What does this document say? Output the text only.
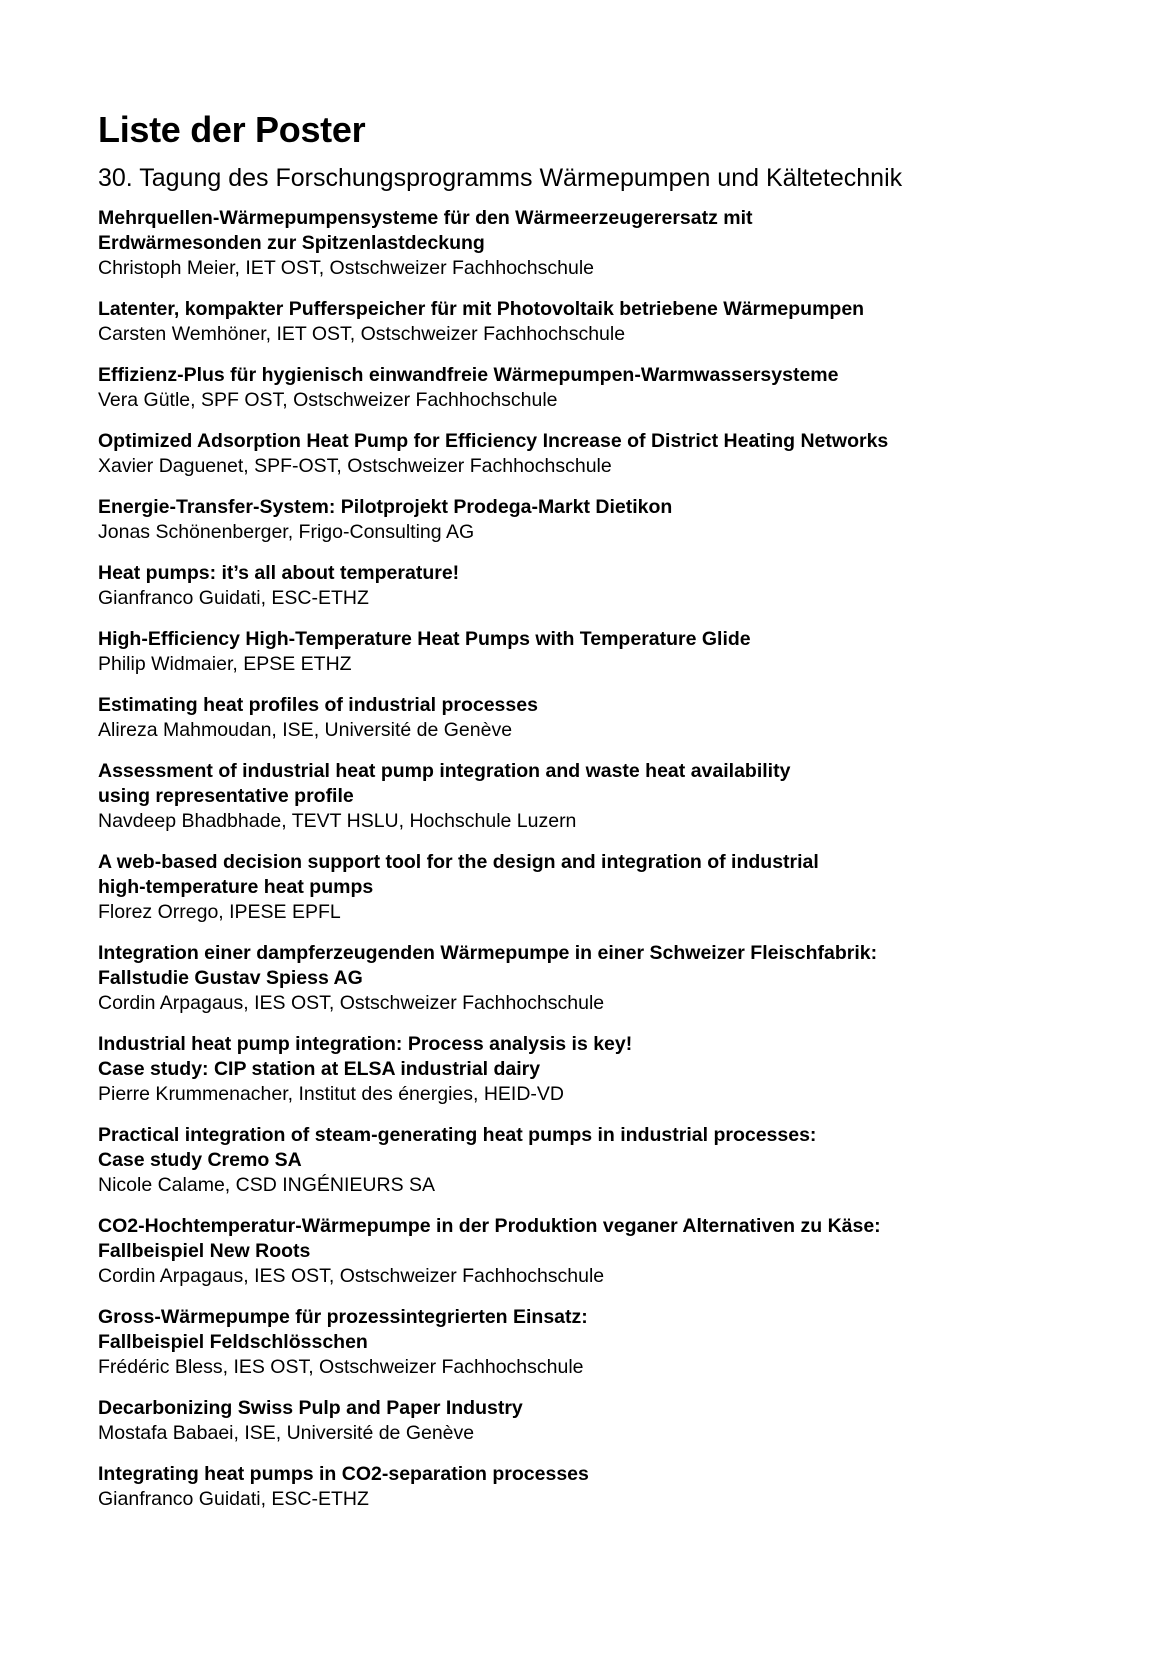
Liste der Poster
30. Tagung des Forschungsprogramms Wärmepumpen und Kältetechnik
Mehrquellen-Wärmepumpensysteme für den Wärmeerzeugerersatz mit
Erdwärmesonden zur Spitzenlastdeckung
Christoph Meier, IET OST, Ostschweizer Fachhochschule
Latenter, kompakter Pufferspeicher für mit Photovoltaik betriebene Wärmepumpen
Carsten Wemhöner, IET OST, Ostschweizer Fachhochschule
Effizienz-Plus für hygienisch einwandfreie Wärmepumpen-Warmwassersysteme
Vera Gütle, SPF OST, Ostschweizer Fachhochschule
Optimized Adsorption Heat Pump for Efficiency Increase of District Heating Networks
Xavier Daguenet, SPF-OST, Ostschweizer Fachhochschule
Energie-Transfer-System: Pilotprojekt Prodega-Markt Dietikon
Jonas Schönenberger, Frigo-Consulting AG
Heat pumps: it’s all about temperature!
Gianfranco Guidati, ESC-ETHZ
High-Efficiency High-Temperature Heat Pumps with Temperature Glide
Philip Widmaier, EPSE ETHZ
Estimating heat profiles of industrial processes
Alireza Mahmoudan, ISE, Université de Genève
Assessment of industrial heat pump integration and waste heat availability
using representative profile
Navdeep Bhadbhade, TEVT HSLU, Hochschule Luzern
A web-based decision support tool for the design and integration of industrial
high-temperature heat pumps
Florez Orrego, IPESE EPFL
Integration einer dampferzeugenden Wärmepumpe in einer Schweizer Fleischfabrik:
Fallstudie Gustav Spiess AG
Cordin Arpagaus, IES OST, Ostschweizer Fachhochschule
Industrial heat pump integration: Process analysis is key!
Case study: CIP station at ELSA industrial dairy
Pierre Krummenacher, Institut des énergies, HEID-VD
Practical integration of steam-generating heat pumps in industrial processes:
Case study Cremo SA
Nicole Calame, CSD INGÉNIEURS SA
CO2-Hochtemperatur-Wärmepumpe in der Produktion veganer Alternativen zu Käse:
Fallbeispiel New Roots
Cordin Arpagaus, IES OST, Ostschweizer Fachhochschule
Gross-Wärmepumpe für prozessintegrierten Einsatz:
Fallbeispiel Feldschlösschen
Frédéric Bless, IES OST, Ostschweizer Fachhochschule
Decarbonizing Swiss Pulp and Paper Industry
Mostafa Babaei, ISE, Université de Genève
Integrating heat pumps in CO2-separation processes
Gianfranco Guidati, ESC-ETHZ
